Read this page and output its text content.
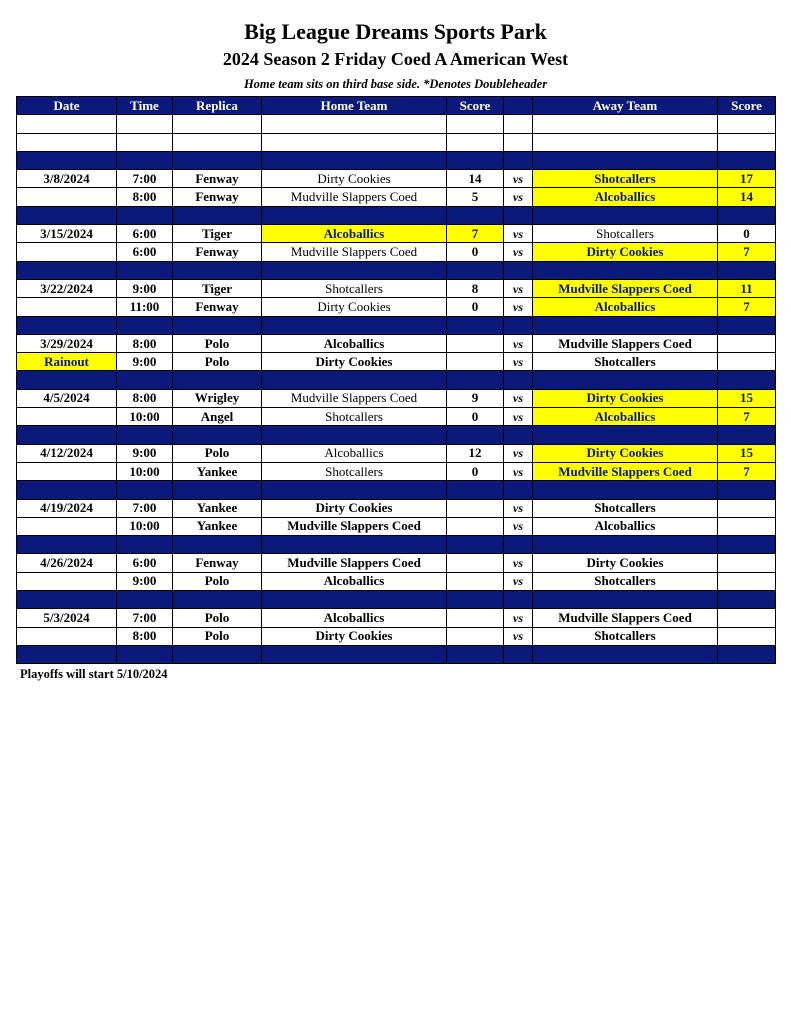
Big League Dreams Sports Park
2024 Season 2 Friday Coed A American West
Home team sits on third base side. *Denotes Doubleheader
Date	Time	Replica	Home Team	Score		Away Team	Score

3/8/2024	7:00	Fenway	Dirty Cookies	14	vs	Shotcallers	17
	8:00	Fenway	Mudville Slappers Coed	5	vs	Alcoballics	14

3/15/2024	6:00	Tiger	Alcoballics	7	vs	Shotcallers	0
	6:00	Fenway	Mudville Slappers Coed	0	vs	Dirty Cookies	7

3/22/2024	9:00	Tiger	Shotcallers	8	vs	Mudville Slappers Coed	11
	11:00	Fenway	Dirty Cookies	0	vs	Alcoballics	7

3/29/2024	8:00	Polo	Alcoballics		vs	Mudville Slappers Coed	
Rainout	9:00	Polo	Dirty Cookies		vs	Shotcallers	

4/5/2024	8:00	Wrigley	Mudville Slappers Coed	9	vs	Dirty Cookies	15
	10:00	Angel	Shotcallers	0	vs	Alcoballics	7

4/12/2024	9:00	Polo	Alcoballics	12	vs	Dirty Cookies	15
	10:00	Yankee	Shotcallers	0	vs	Mudville Slappers Coed	7

4/19/2024	7:00	Yankee	Dirty Cookies		vs	Shotcallers	
	10:00	Yankee	Mudville Slappers Coed		vs	Alcoballics	

4/26/2024	6:00	Fenway	Mudville Slappers Coed		vs	Dirty Cookies	
	9:00	Polo	Alcoballics		vs	Shotcallers	

5/3/2024	7:00	Polo	Alcoballics		vs	Mudville Slappers Coed	
	8:00	Polo	Dirty Cookies		vs	Shotcallers	

Playoffs will start 5/10/2024
